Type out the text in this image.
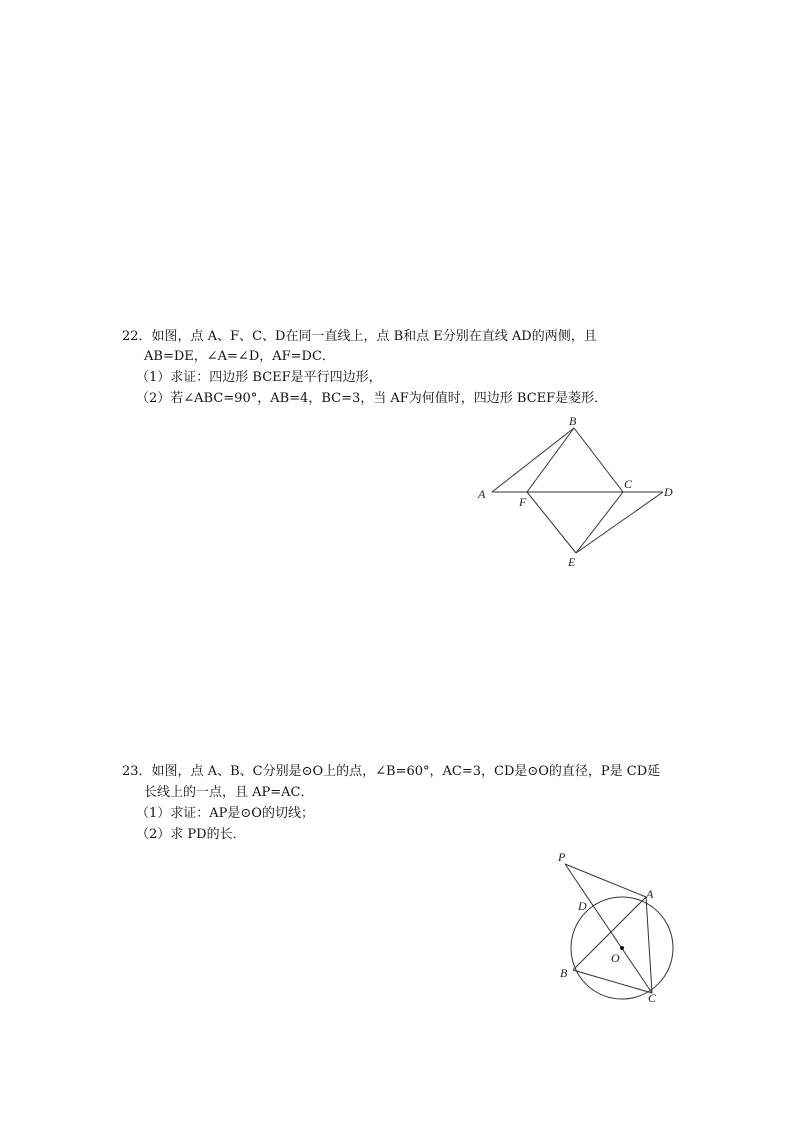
22．如图，点 A、F、C、D在同一直线上，点 B和点 E分别在直线 AD的两侧，且
AB=DE，∠A=∠D，AF=DC．
（1）求证：四边形 BCEF是平行四边形，
（2）若∠ABC=90°，AB=4，BC=3，当 AF为何值时，四边形 BCEF是菱形．
A
B
C
D
F
E
23．如图，点 A、B、C分别是⊙O上的点，∠B=60°，AC=3，CD是⊙O的直径，P是 CD延
长线上的一点，且 AP=AC．
（1）求证：AP是⊙O的切线；
（2）求 PD的长．
P
A
D
O
B
C
